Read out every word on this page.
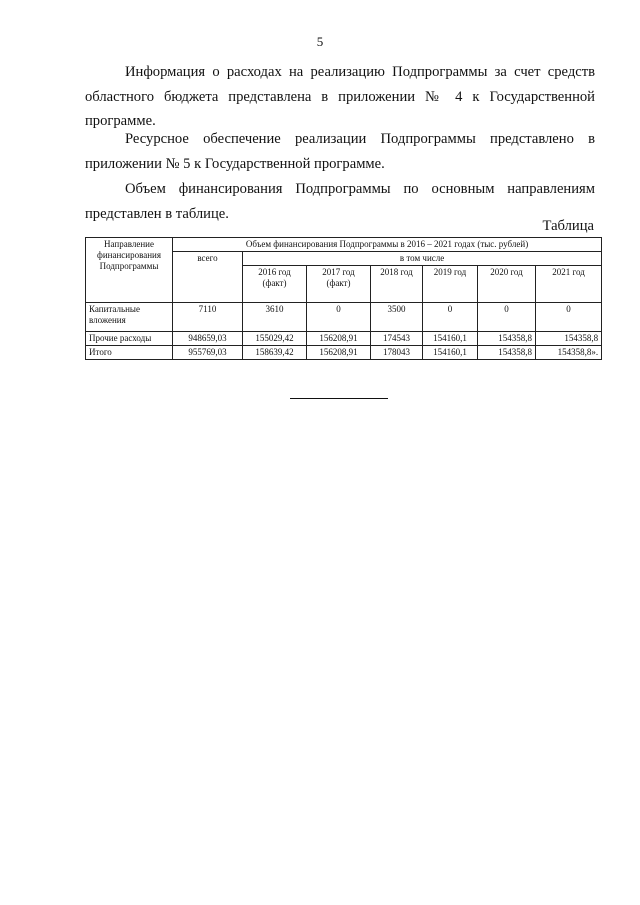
5

Информация о расходах на реализацию Подпрограммы за счет средств областного бюджета представлена в приложении № 4 к Государственной программе.

Ресурсное обеспечение реализации Подпрограммы представлено в приложении № 5 к Государственной программе.

Объем финансирования Подпрограммы по основным направлениям представлен в таблице.

Таблица
Направление финансирования Подпрограммы	Объем финансирования Подпрограммы в 2016 – 2021 годах (тыс. рублей)						
	всего	в том числе					
		2016 год (факт)	2017 год (факт)	2018 год	2019 год	2020 год	2021 год
Капитальные вложения	7110	3610	0	3500	0	0	0
Прочие расходы	948659,03	155029,42	156208,91	174543	154160,1	154358,8	154358,8
Итого	955769,03	158639,42	156208,91	178043	154160,1	154358,8	154358,8».
